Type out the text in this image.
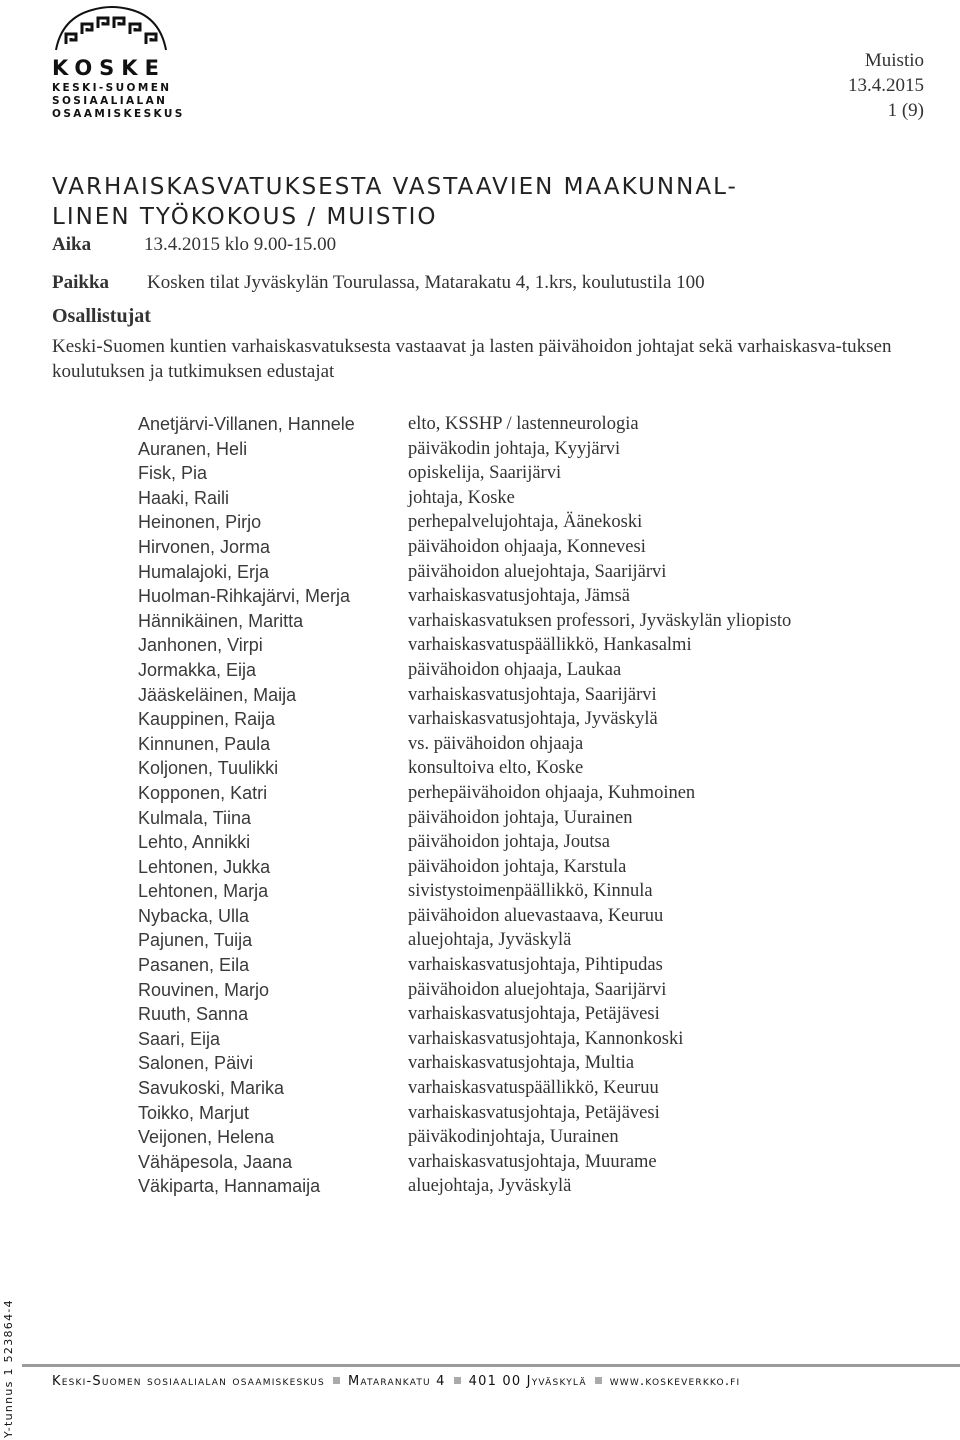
KOSKE
KESKI-SUOMEN
SOSIAALIALAN
OSAAMISKESKUS
Muistio
13.4.2015
1 (9)
VARHAISKASVATUKSESTA VASTAAVIEN MAAKUNNAL-
LINEN TYÖKOKOUS / MUISTIO
Aika	13.4.2015 klo 9.00-15.00
Paikka Kosken tilat Jyväskylän Tourulassa, Matarakatu 4, 1.krs, koulutustila 100
Osallistujat
Keski-Suomen kuntien varhaiskasvatuksesta vastaavat ja lasten päivähoidon johtajat sekä varhaiskasva-tuksen koulutuksen ja tutkimuksen edustajat
Anetjärvi-Villanen, Hannele	elto, KSSHP / lastenneurologia
Auranen, Heli	päiväkodin johtaja, Kyyjärvi
Fisk, Pia	opiskelija, Saarijärvi
Haaki, Raili	johtaja, Koske
Heinonen, Pirjo	perhepalvelujohtaja, Äänekoski
Hirvonen, Jorma	päivähoidon ohjaaja, Konnevesi
Humalajoki, Erja	päivähoidon aluejohtaja, Saarijärvi
Huolman-Rihkajärvi, Merja	varhaiskasvatusjohtaja, Jämsä
Hännikäinen, Maritta	varhaiskasvatuksen professori, Jyväskylän yliopisto
Janhonen, Virpi	varhaiskasvatuspäällikkö, Hankasalmi
Jormakka, Eija	päivähoidon ohjaaja, Laukaa
Jääskeläinen, Maija	varhaiskasvatusjohtaja, Saarijärvi
Kauppinen, Raija	varhaiskasvatusjohtaja, Jyväskylä
Kinnunen, Paula	vs. päivähoidon ohjaaja
Koljonen, Tuulikki	konsultoiva elto, Koske
Kopponen, Katri	perhepäivähoidon ohjaaja, Kuhmoinen
Kulmala, Tiina	päivähoidon johtaja, Uurainen
Lehto, Annikki	päivähoidon johtaja, Joutsa
Lehtonen, Jukka	päivähoidon johtaja, Karstula
Lehtonen, Marja	sivistystoimenpäällikkö, Kinnula
Nybacka, Ulla	päivähoidon aluevastaava, Keuruu
Pajunen, Tuija	aluejohtaja, Jyväskylä
Pasanen, Eila	varhaiskasvatusjohtaja, Pihtipudas
Rouvinen, Marjo	päivähoidon aluejohtaja, Saarijärvi
Ruuth, Sanna	varhaiskasvatusjohtaja, Petäjävesi
Saari, Eija	varhaiskasvatusjohtaja, Kannonkoski
Salonen, Päivi	varhaiskasvatusjohtaja, Multia
Savukoski, Marika	varhaiskasvatuspäällikkö, Keuruu
Toikko, Marjut	varhaiskasvatusjohtaja, Petäjävesi
Veijonen, Helena	päiväkodinjohtaja, Uurainen
Vähäpesola, Jaana	varhaiskasvatusjohtaja, Muurame
Väkiparta, Hannamaija	aluejohtaja, Jyväskylä
Y-tunnus 1 523864-4	Keski-Suomen sosiaalialan osaamiskeskus Matarankatu 4 401 00 Jyväskylä www.koskeverkko.fi
